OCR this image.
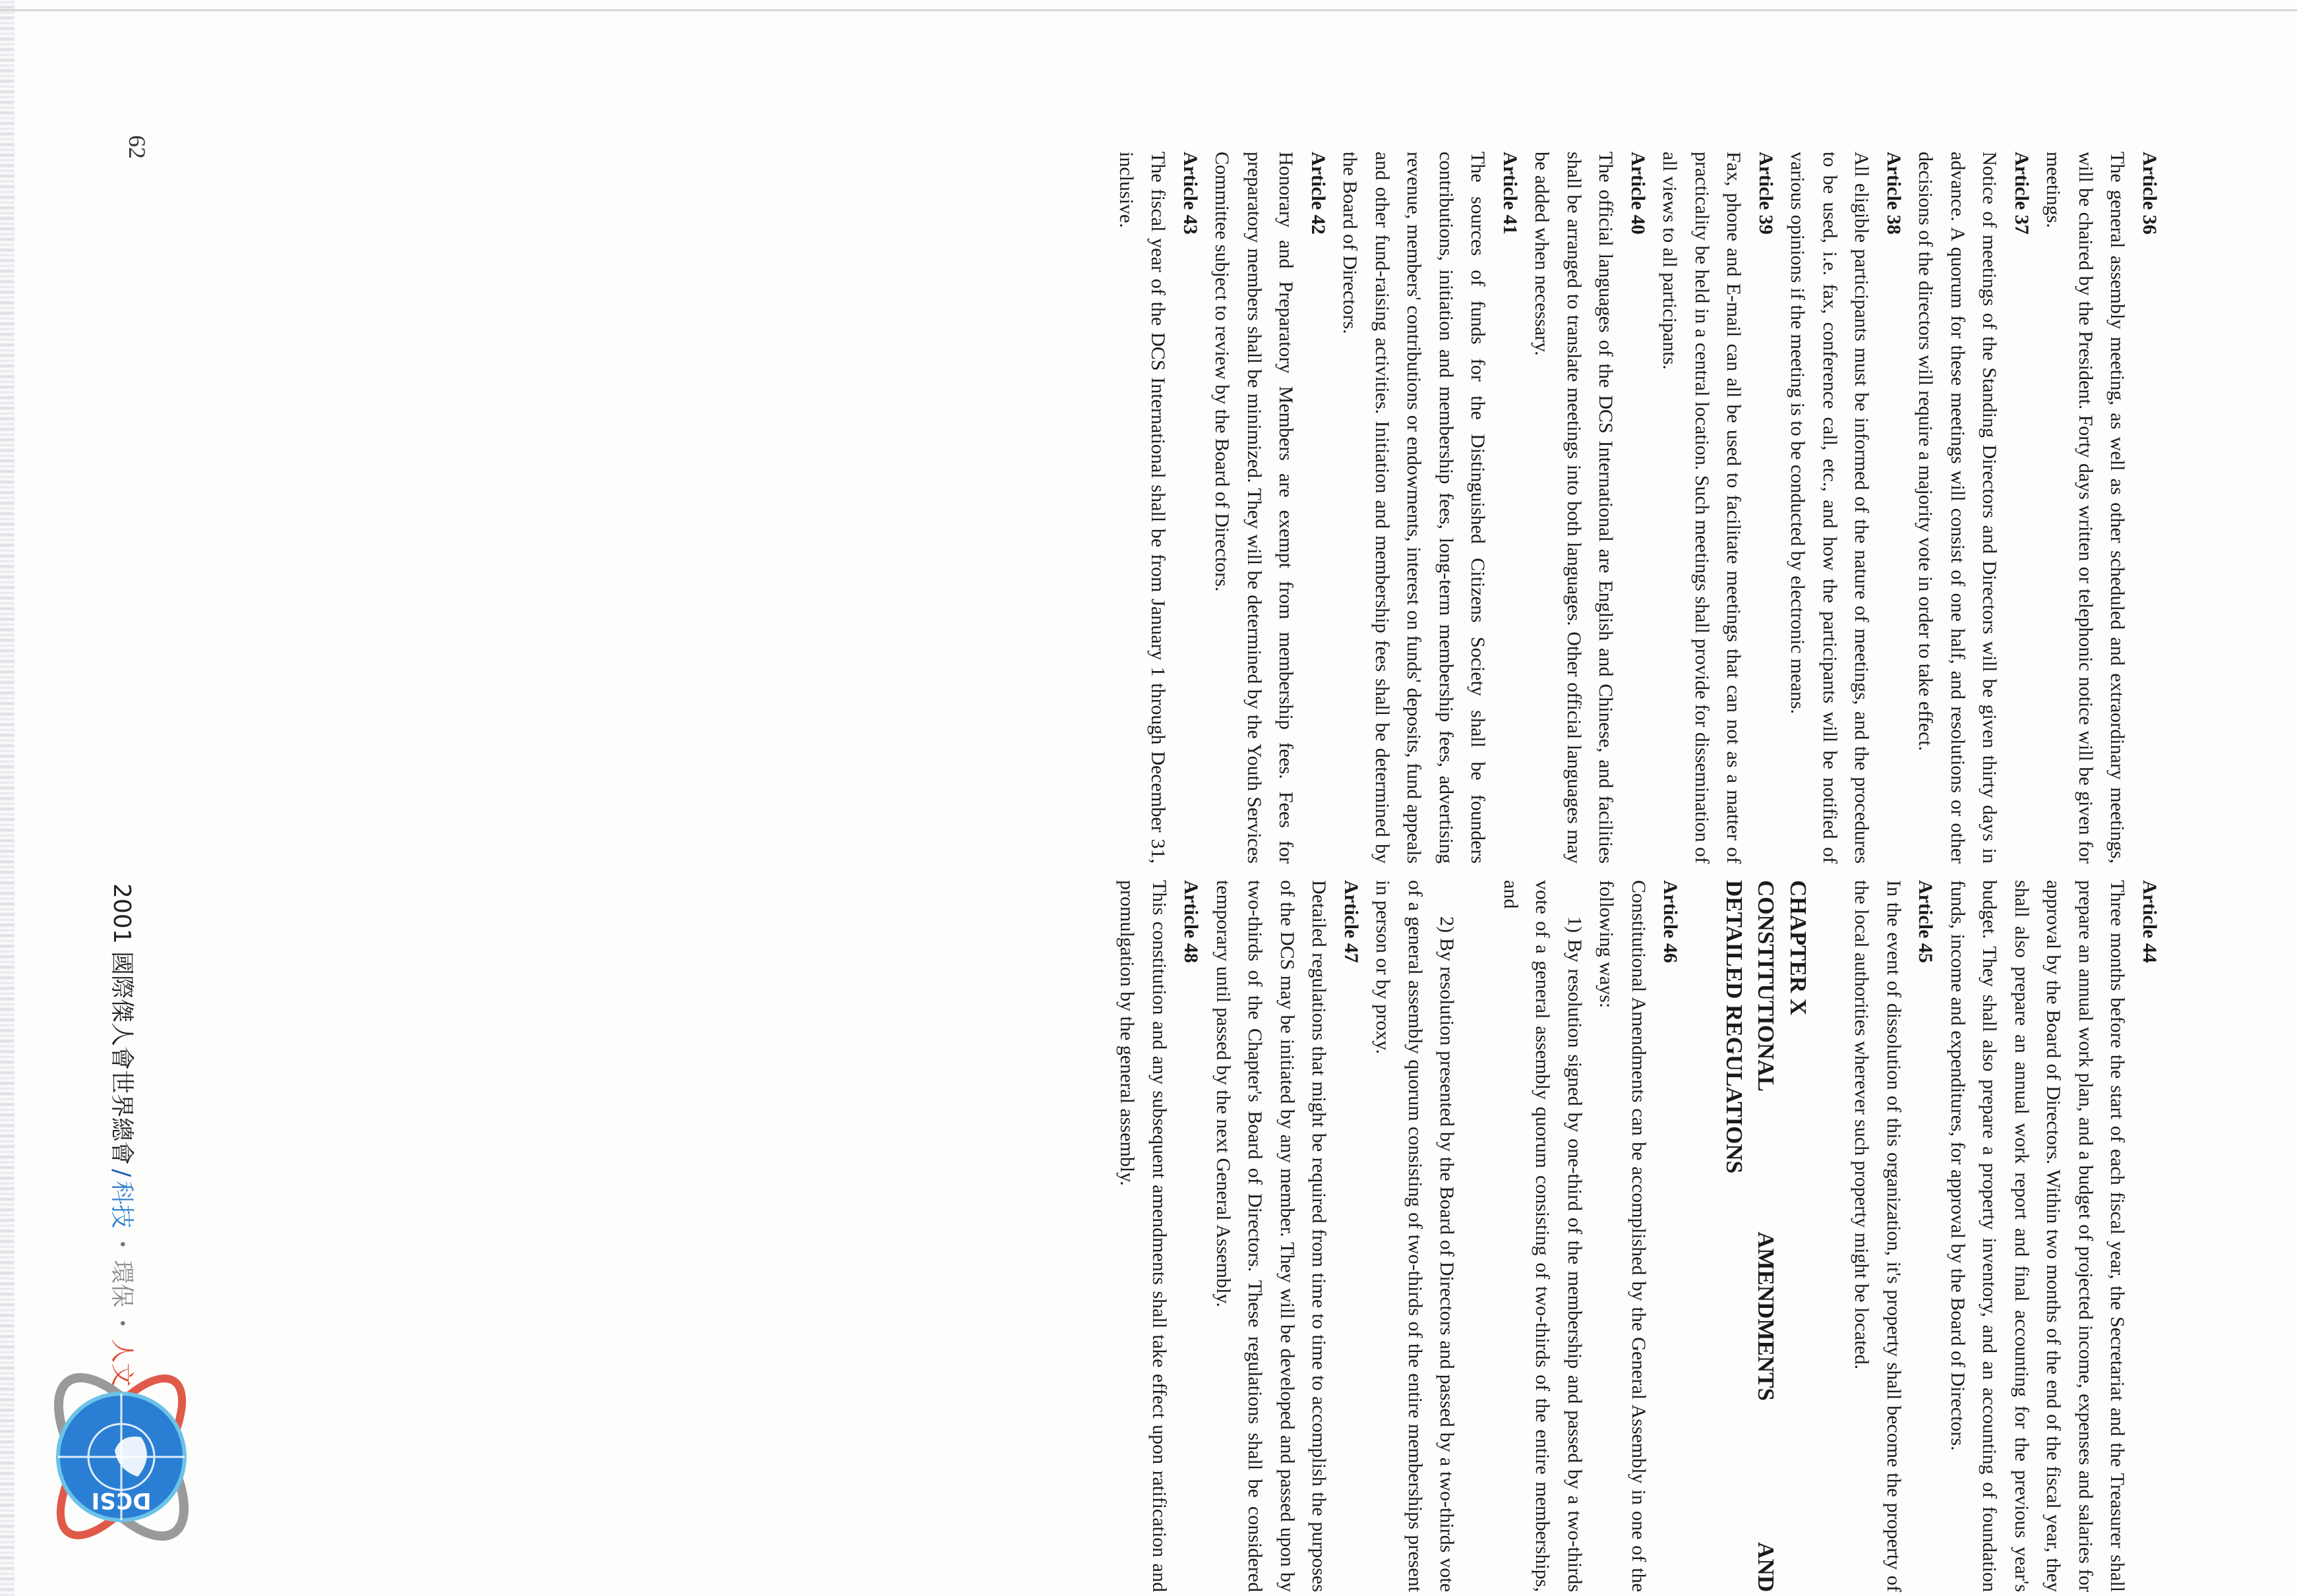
Article 36

The general assembly meeting, as well as other scheduled and extraordinary meetings, will be chaired by the President. Forty days written or telephonic notice will be given for meetings.

Article 37

Notice of meetings of the Standing Directors and Directors will be given thirty days in advance. A quorum for these meetings will consist of one half, and resolutions or other decisions of the directors will require a majority vote in order to take effect.

Article 38

All eligible participants must be informed of the nature of meetings, and the procedures to be used, i.e. fax, conference call, etc., and how the participants will be notified of various opinions if the meeting is to be conducted by electronic means.

Article 39

Fax, phone and E-mail can all be used to facilitate meetings that can not as a matter of practicality be held in a central location. Such meetings shall provide for dissemination of all views to all participants.

Article 40

The official languages of the DCS International are English and Chinese, and facilities shall be arranged to translate meetings into both languages. Other official languages may be added when necessary.

Article 41

The sources of funds for the Distinguished Citizens Society shall be founders contributions, initiation and membership fees, long-term membership fees, advertising revenue, members' contributions or endowments, interest on funds' deposits, fund appeals and other fund-raising activities. Initiation and membership fees shall be determined by the Board of Directors.

Article 42

Honorary and Preparatory Members are exempt from membership fees. Fees for preparatory members shall be minimized. They will be determined by the Youth Services Committee subject to review by the Board of Directors.

Article 43

The fiscal year of the DCS International shall be from January 1 through December 31, inclusive.

Article 44

Three months before the start of each fiscal year, the Secretariat and the Treasurer shall prepare an annual work plan, and a budget of projected income, expenses and salaries for approval by the Board of Directors. Within two months of the end of the fiscal year, they shall also prepare an annual work report and final accounting for the previous year's budget. They shall also prepare a property inventory, and an accounting of foundation funds, income and expenditures, for approval by the Board of Directors.

Article 45

In the event of dissolution of this organization, it's property shall become the property of the local authorities wherever such property might be located.

CHAPTER X

CONSTITUTIONAL AMENDMENTS AND

DETAILED REGULATIONS

Article 46

Constitutional Amendments can be accomplished by the General Assembly in one of the following ways:

1) By resolution signed by one-third of the membership and passed by a two-thirds vote of a general assembly quorum consisting of two-thirds of the entire memberships, and

2) By resolution presented by the Board of Directors and passed by a two-thirds vote of a general assembly quorum consisting of two-thirds of the entire memberships present in person or by proxy.

Article 47

Detailed regulations that might be required from time to time to accomplish the purposes of the DCS may be initiated by any member. They will be developed and passed upon by two-thirds of the Chapter's Board of Directors. These regulations shall be considered temporary until passed by the next General Assembly.

Article 48

This constitution and any subsequent amendments shall take effect upon ratification and promulgation by the general assembly.

2001 國際傑人會世界總會/科技・環保・人文
62
DCSI
